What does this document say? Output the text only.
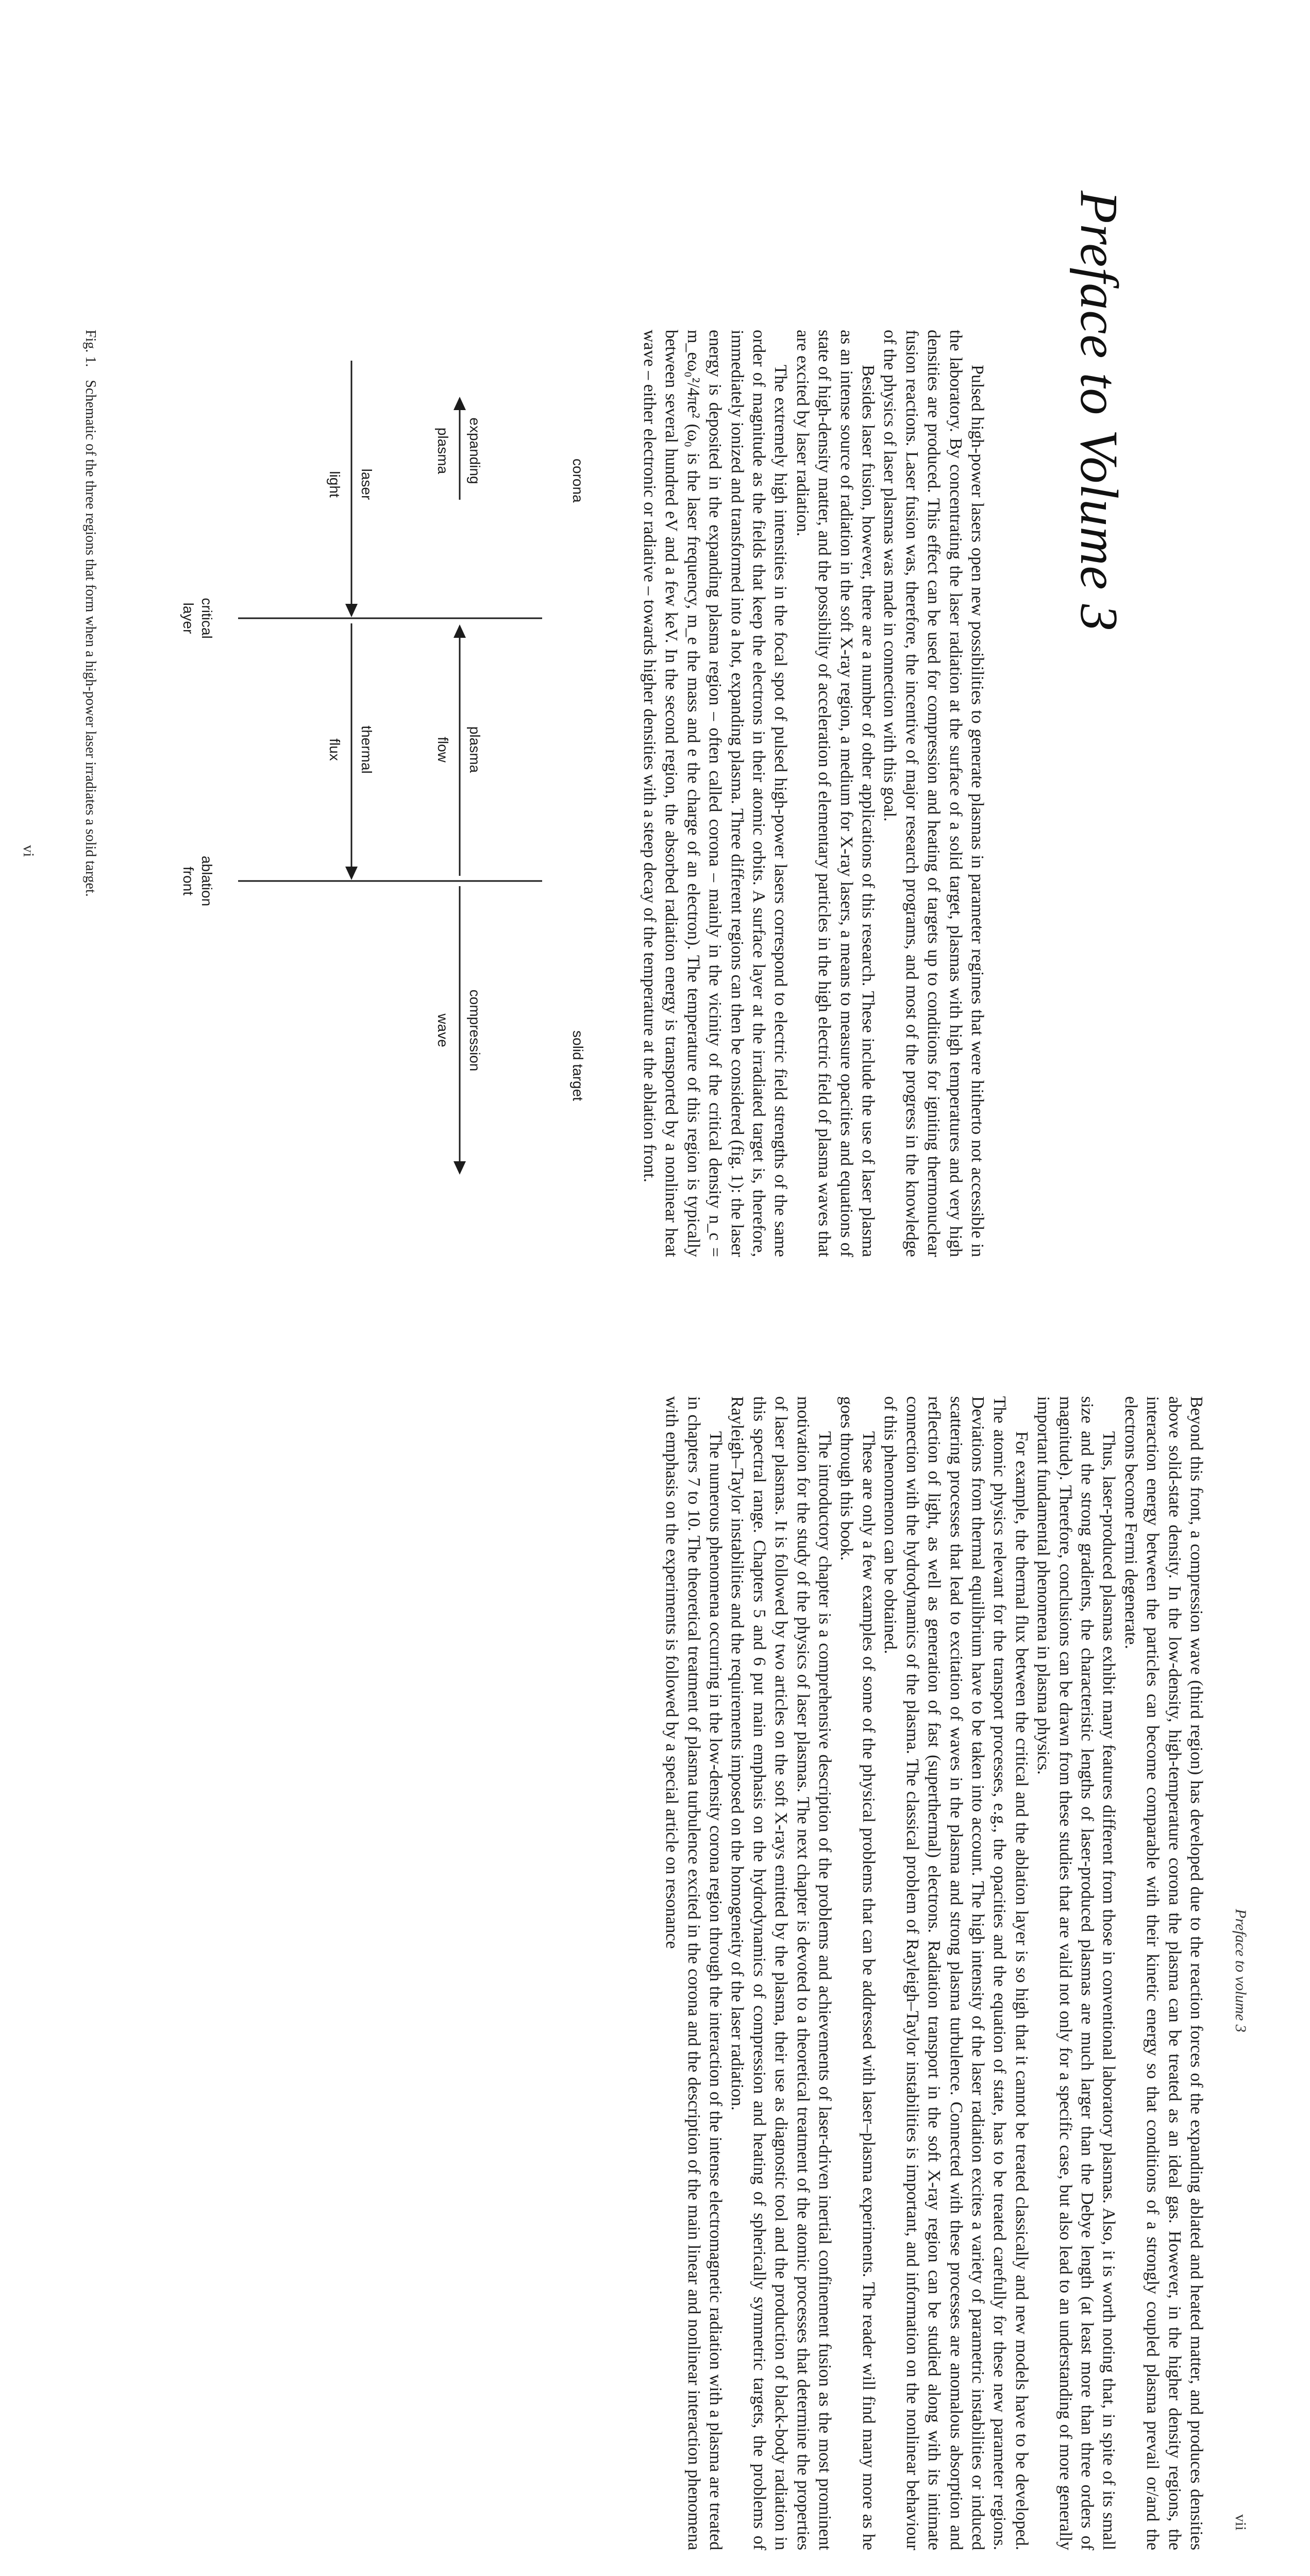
Preface to Volume 3

Pulsed high-power lasers open new possibilities to generate plasmas in parameter regimes that were hitherto not accessible in the laboratory. By concentrating the laser radiation at the surface of a solid target, plasmas with high temperatures and very high densities are produced. This effect can be used for compression and heating of targets up to conditions for igniting thermonuclear fusion reactions. Laser fusion was, therefore, the incentive of major research programs, and most of the progress in the knowledge of the physics of laser plasmas was made in connection with this goal.

Besides laser fusion, however, there are a number of other applications of this research. These include the use of laser plasma as an intense source of radiation in the soft X-ray region, a medium for X-ray lasers, a means to measure opacities and equations of state of high-density matter, and the possibility of acceleration of elementary particles in the high electric field of plasma waves that are excited by laser radiation.

The extremely high intensities in the focal spot of pulsed high-power lasers correspond to electric field strengths of the same order of magnitude as the fields that keep the electrons in their atomic orbits. A surface layer at the irradiated target is, therefore, immediately ionized and transformed into a hot, expanding plasma. Three different regions can then be considered (fig. 1): the laser energy is deposited in the expanding plasma region – often called corona – mainly in the vicinity of the critical density n_c = m_eω₀²/4πe² (ω₀ is the laser frequency, m_e the mass and e the charge of an electron). The temperature of this region is typically between several hundred eV and a few keV. In the second region, the absorbed radiation energy is transported by a nonlinear heat wave – either electronic or radiative – towards higher densities with a steep decay of the temperature at the ablation front.

corona
solid target
expanding
plasma
laser
light
plasma
flow
thermal
flux
compression
wave
critical
layer
ablation
front

Fig. 1. Schematic of the three regions that form when a high-power laser irradiates a solid target.

vi
Preface to volume 3
vii

Beyond this front, a compression wave (third region) has developed due to the reaction forces of the expanding ablated and heated matter, and produces densities above solid-state density. In the low-density, high-temperature corona the plasma can be treated as an ideal gas. However, in the higher density regions, the interaction energy between the particles can become comparable with their kinetic energy so that conditions of a strongly coupled plasma prevail or/and the electrons become Fermi degenerate.

Thus, laser-produced plasmas exhibit many features different from those in conventional laboratory plasmas. Also, it is worth noting that, in spite of its small size and the strong gradients, the characteristic lengths of laser-produced plasmas are much larger than the Debye length (at least more than three orders of magnitude). Therefore, conclusions can be drawn from these studies that are valid not only for a specific case, but also lead to an understanding of more generally important fundamental phenomena in plasma physics.

For example, the thermal flux between the critical and the ablation layer is so high that it cannot be treated classically and new models have to be developed. The atomic physics relevant for the transport processes, e.g., the opacities and the equation of state, has to be treated carefully for these new parameter regions. Deviations from thermal equilibrium have to be taken into account. The high intensity of the laser radiation excites a variety of parametric instabilities or induced scattering processes that lead to excitation of waves in the plasma and strong plasma turbulence. Connected with these processes are anomalous absorption and reflection of light, as well as generation of fast (superthermal) electrons. Radiation transport in the soft X-ray region can be studied along with its intimate connection with the hydrodynamics of the plasma. The classical problem of Rayleigh–Taylor instabilities is important, and information on the nonlinear behaviour of this phenomenon can be obtained.

These are only a few examples of some of the physical problems that can be addressed with laser–plasma experiments. The reader will find many more as he goes through this book.

The introductory chapter is a comprehensive description of the problems and achievements of laser-driven inertial confinement fusion as the most prominent motivation for the study of the physics of laser plasmas. The next chapter is devoted to a theoretical treatment of the atomic processes that determine the properties of laser plasmas. It is followed by two articles on the soft X-rays emitted by the plasma, their use as diagnostic tool and the production of black-body radiation in this spectral range. Chapters 5 and 6 put main emphasis on the hydrodynamics of compression and heating of spherically symmetric targets, the problems of Rayleigh–Taylor instabilities and the requirements imposed on the homogeneity of the laser radiation.

The numerous phenomena occurring in the low-density corona region through the interaction of the intense electromagnetic radiation with a plasma are treated in chapters 7 to 10. The theoretical treatment of plasma turbulence excited in the corona and the description of the main linear and nonlinear interaction phenomena with emphasis on the experiments is followed by a special article on resonance
